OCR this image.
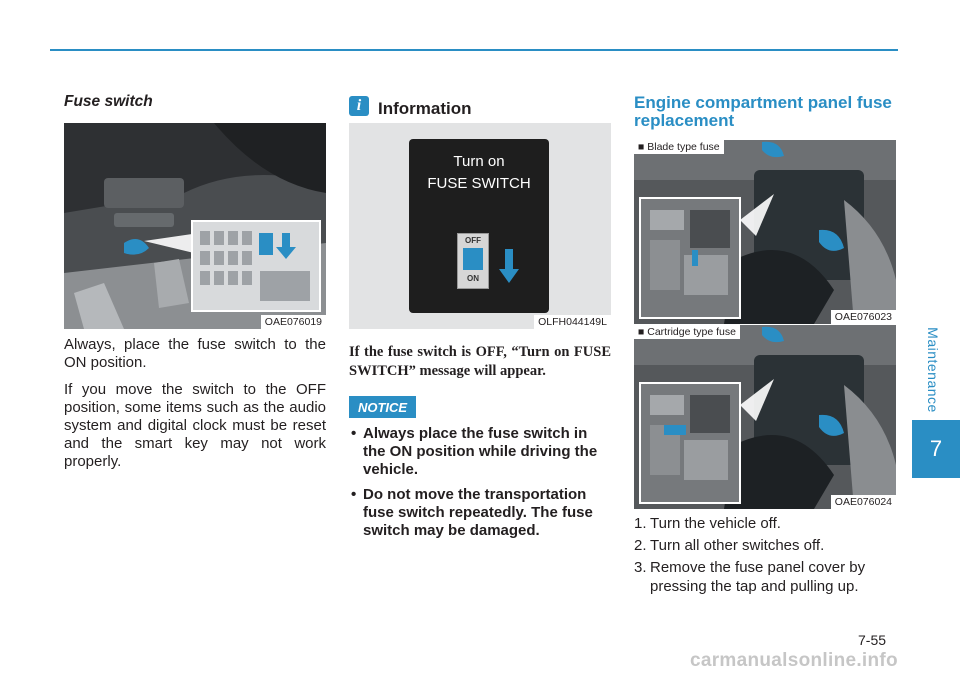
Fuse switch
OAE076019

Always, place the fuse switch to the ON position.

If you move the switch to the OFF position, some items such as the audio system and digital clock must be reset and the smart key may not work properly.

i Information
Turn on
FUSE SWITCH
OFF
ON
OLFH044149L
If the fuse switch is OFF, “Turn on FUSE SWITCH” message will appear.
NOTICE
• Always place the fuse switch in the ON position while driving the vehicle.
• Do not move the transportation fuse switch repeatedly. The fuse switch may be damaged.
Engine compartment panel fuse replacement
■ Blade type fuse
OAE076023
■ Cartridge type fuse
OAE076024
1. Turn the vehicle off.
2. Turn all other switches off.
3. Remove the fuse panel cover by pressing the tap and pulling up.
Maintenance
7
7-55
carmanualsonline.info
